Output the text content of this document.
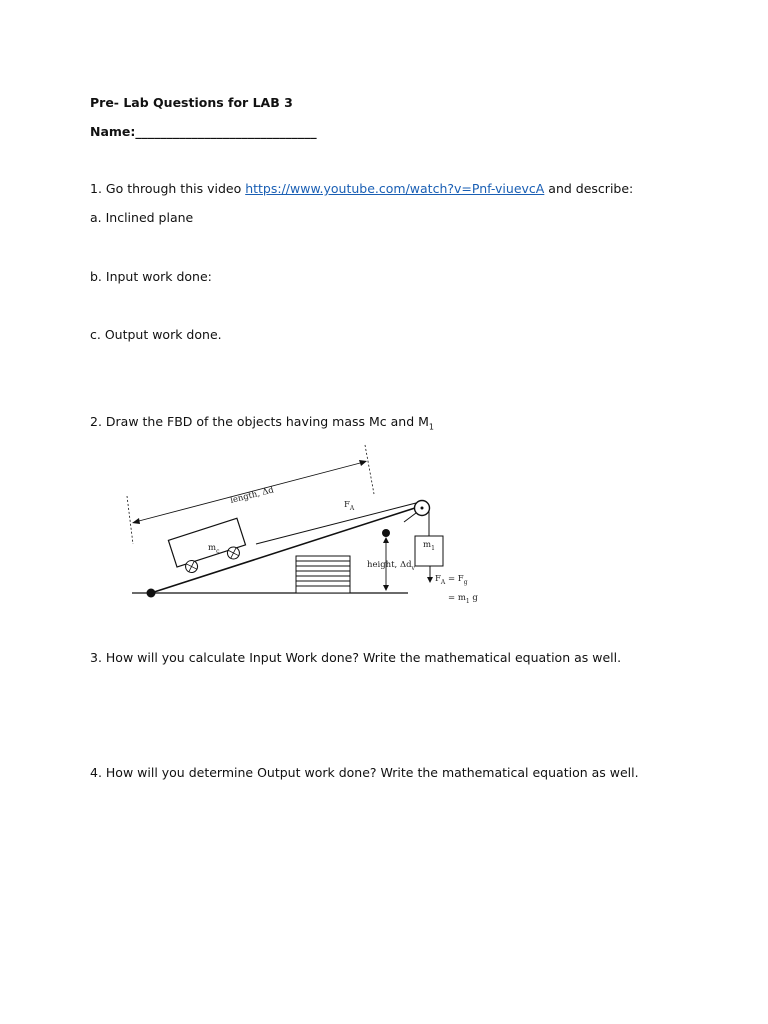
Pre- Lab Questions for LAB 3
Name:_____________________________
1. Go through this video https://www.youtube.com/watch?v=Pnf-viuevcA and describe:
a. Inclined plane
b. Input work done:
c. Output work done.
2. Draw the FBD of the objects having mass Mc and $M_1$
$m_c$
$m_1$
$F_A = F_g$
= $m_1$ g
height, $\Delta d_v$
length, Δd	$F_A$
3. How will you calculate Input Work done? Write the mathematical equation as well.
4. How will you determine Output work done? Write the mathematical equation as well.
